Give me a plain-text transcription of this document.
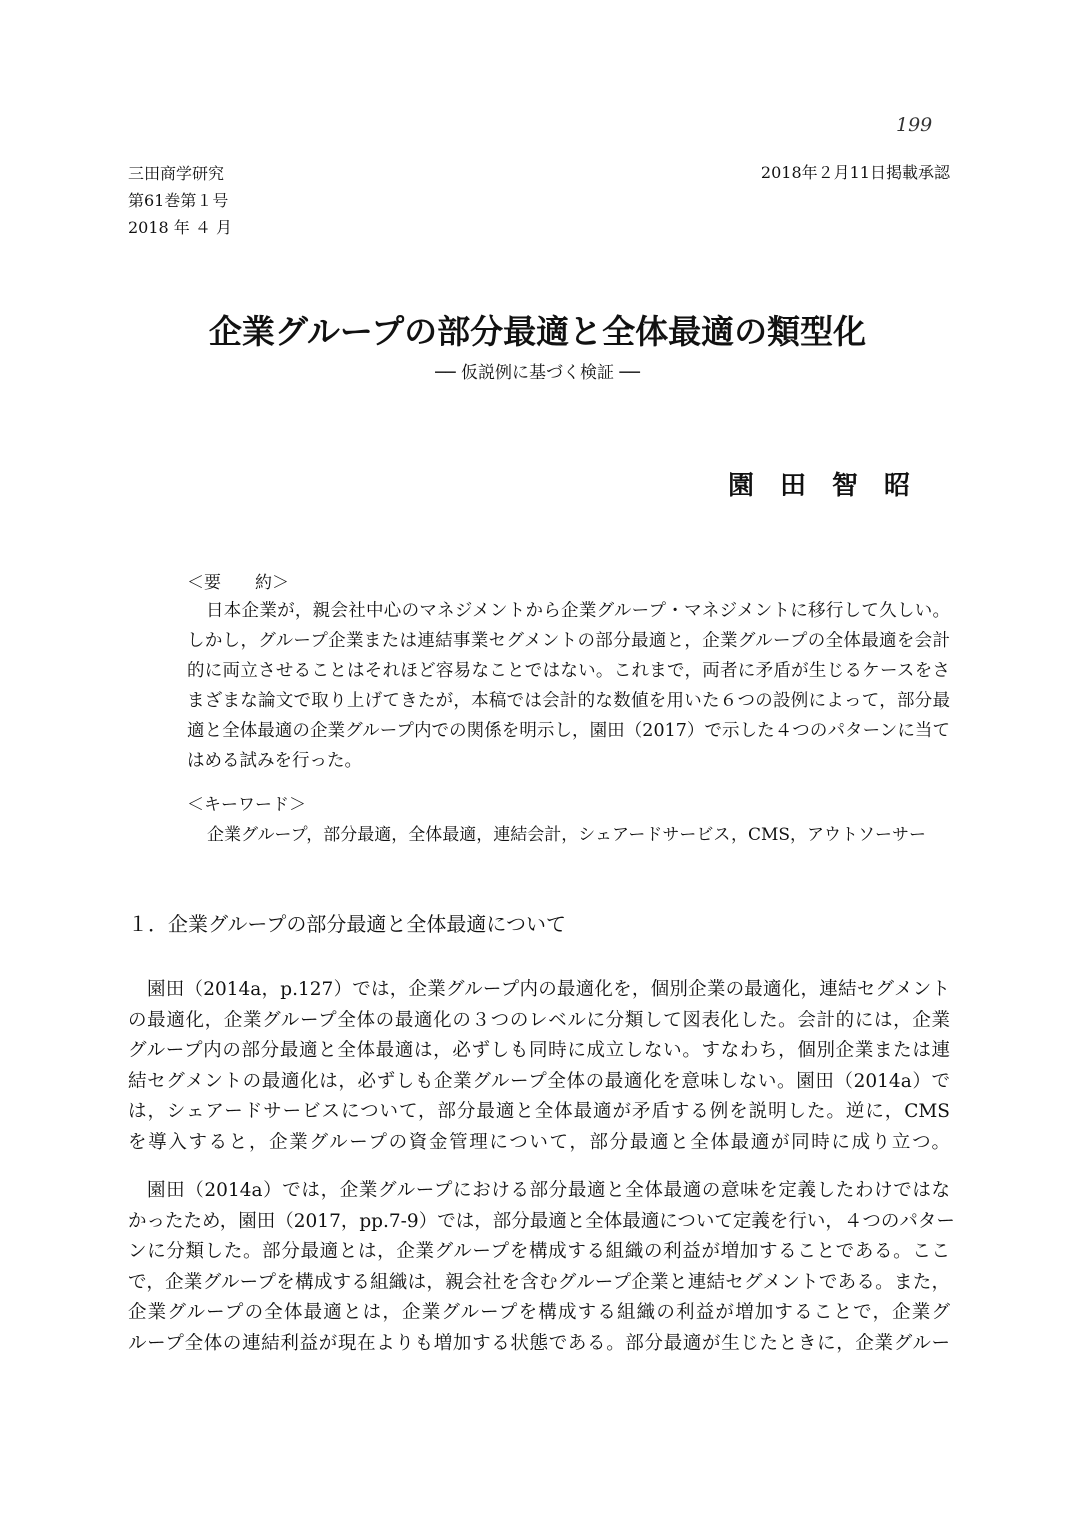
199
三田商学研究
第61巻第１号
2018 年 ４ 月
2018年２月11日掲載承認
企業グループの部分最適と全体最適の類型化
── 仮説例に基づく検証 ──
園田智昭
＜要　　約＞
日本企業が，親会社中心のマネジメントから企業グループ・マネジメントに移行して久しい。
しかし，グループ企業または連結事業セグメントの部分最適と，企業グループの全体最適を会計
的に両立させることはそれほど容易なことではない。これまで，両者に矛盾が生じるケースをさ
まざまな論文で取り上げてきたが，本稿では会計的な数値を用いた６つの設例によって，部分最
適と全体最適の企業グループ内での関係を明示し，園田（2017）で示した４つのパターンに当て
はめる試みを行った。
＜キーワード＞
企業グループ，部分最適，全体最適，連結会計，シェアードサービス，CMS，アウトソーサー
１．企業グループの部分最適と全体最適について
園田（2014a，p.127）では，企業グループ内の最適化を，個別企業の最適化，連結セグメント
の最適化，企業グループ全体の最適化の３つのレベルに分類して図表化した。会計的には，企業
グループ内の部分最適と全体最適は，必ずしも同時に成立しない。すなわち，個別企業または連
結セグメントの最適化は，必ずしも企業グループ全体の最適化を意味しない。園田（2014a）で
は，シェアードサービスについて，部分最適と全体最適が矛盾する例を説明した。逆に，CMS
を導入すると，企業グループの資金管理について，部分最適と全体最適が同時に成り立つ。
園田（2014a）では，企業グループにおける部分最適と全体最適の意味を定義したわけではな
かったため，園田（2017，pp.7-9）では，部分最適と全体最適について定義を行い，４つのパター
ンに分類した。部分最適とは，企業グループを構成する組織の利益が増加することである。ここ
で，企業グループを構成する組織は，親会社を含むグループ企業と連結セグメントである。また，
企業グループの全体最適とは，企業グループを構成する組織の利益が増加することで，企業グ
ループ全体の連結利益が現在よりも増加する状態である。部分最適が生じたときに，企業グルー
